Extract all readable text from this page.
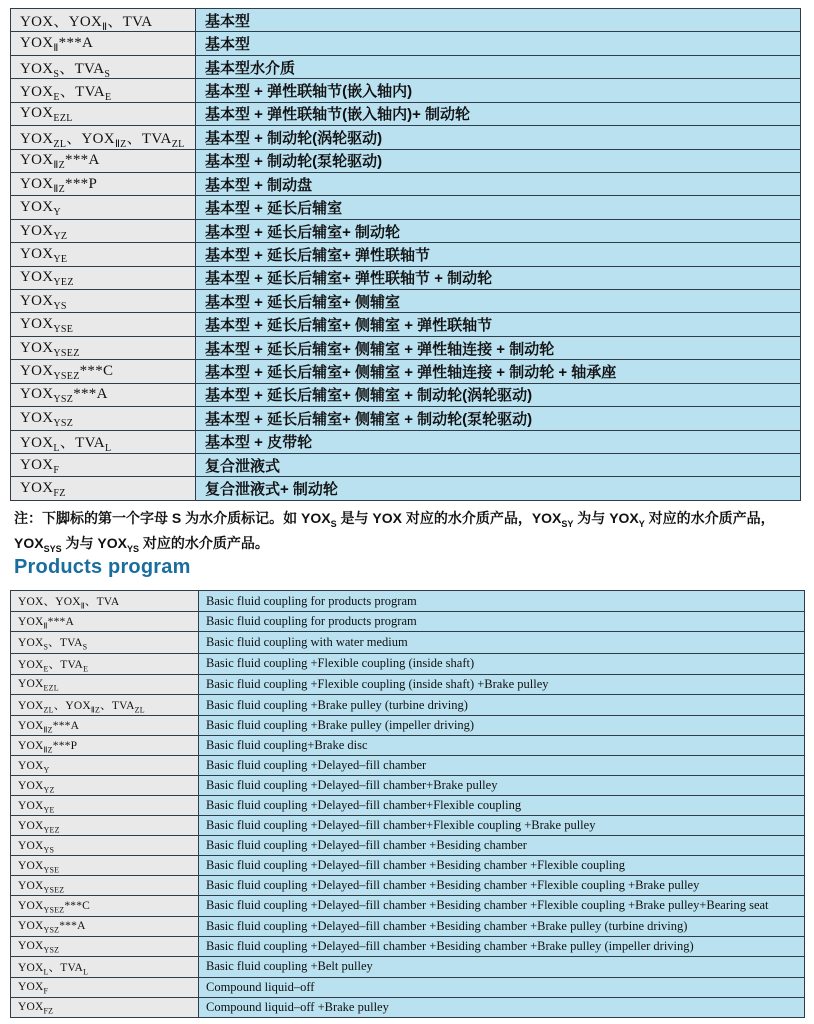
YOX、$YOX_Ⅱ$、TVA	基本型
$YOX_Ⅱ***A$	基本型
$YOX_S$、$TVA_S$	基本型水介质
$YOX_E$、$TVA_E$	基本型 + 弹性联轴节(嵌入轴内)
$YOX_{EZL}$	基本型 + 弹性联轴节(嵌入轴内)+ 制动轮
$YOX_{ZL}$、$YOX_{ⅡZ}$、$TVA_{ZL}$	基本型 + 制动轮(涡轮驱动)
$YOX_{ⅡZ}***A$	基本型 + 制动轮(泵轮驱动)
$YOX_{ⅡZ}***P$	基本型 + 制动盘
$YOX_Y$	基本型 + 延长后辅室
$YOX_{YZ}$	基本型 + 延长后辅室+ 制动轮
$YOX_{YE}$	基本型 + 延长后辅室+ 弹性联轴节
$YOX_{YEZ}$	基本型 + 延长后辅室+ 弹性联轴节 + 制动轮
$YOX_{YS}$	基本型 + 延长后辅室+ 侧辅室
$YOX_{YSE}$	基本型 + 延长后辅室+ 侧辅室 + 弹性联轴节
$YOX_{YSEZ}$	基本型 + 延长后辅室+ 侧辅室 + 弹性轴连接 + 制动轮
$YOX_{YSEZ}***C$	基本型 + 延长后辅室+ 侧辅室 + 弹性轴连接 + 制动轮 + 轴承座
$YOX_{YSZ}***A$	基本型 + 延长后辅室+ 侧辅室 + 制动轮(涡轮驱动)
$YOX_{YSZ}$	基本型 + 延长后辅室+ 侧辅室 + 制动轮(泵轮驱动)
$YOX_L$、$TVA_L$	基本型 + 皮带轮
$YOX_F$	复合泄液式
$YOX_{FZ}$	复合泄液式+ 制动轮
注：下脚标的第一个字母 S 为水介质标记。如 $YOX_S$ 是与 YOX 对应的水介质产品，$YOX_{SY}$ 为与 $YOX_Y$ 对应的水介质产品，$YOX_{SYS}$ 为与 $YOX_{YS}$ 对应的水介质产品。
Products program
YOX、$YOX_Ⅱ$、TVA	Basic fluid coupling for products program
$YOX_Ⅱ***A$	Basic fluid coupling for products program
$YOX_S$、$TVA_S$	Basic fluid coupling with water medium
$YOX_E$、$TVA_E$	Basic fluid coupling +Flexible coupling (inside shaft)
$YOX_{EZL}$	Basic fluid coupling +Flexible coupling (inside shaft) +Brake pulley
$YOX_{ZL}$、$YOX_{ⅡZ}$、$TVA_{ZL}$	Basic fluid coupling +Brake pulley (turbine driving)
$YOX_{ⅡZ}***A$	Basic fluid coupling +Brake pulley (impeller driving)
$YOX_{ⅡZ}***P$	Basic fluid coupling+Brake disc
$YOX_Y$	Basic fluid coupling +Delayed–fill chamber
$YOX_{YZ}$	Basic fluid coupling +Delayed–fill chamber+Brake pulley
$YOX_{YE}$	Basic fluid coupling +Delayed–fill chamber+Flexible coupling
$YOX_{YEZ}$	Basic fluid coupling +Delayed–fill chamber+Flexible coupling +Brake pulley
$YOX_{YS}$	Basic fluid coupling +Delayed–fill chamber +Besiding chamber
$YOX_{YSE}$	Basic fluid coupling +Delayed–fill chamber +Besiding chamber +Flexible coupling
$YOX_{YSEZ}$	Basic fluid coupling +Delayed–fill chamber +Besiding chamber +Flexible coupling +Brake pulley
$YOX_{YSEZ}***C$	Basic fluid coupling +Delayed–fill chamber +Besiding chamber +Flexible coupling +Brake pulley+Bearing seat
$YOX_{YSZ}***A$	Basic fluid coupling +Delayed–fill chamber +Besiding chamber +Brake pulley (turbine driving)
$YOX_{YSZ}$	Basic fluid coupling +Delayed–fill chamber +Besiding chamber +Brake pulley (impeller driving)
$YOX_L$、$TVA_L$	Basic fluid coupling +Belt pulley
$YOX_F$	Compound liquid–off
$YOX_{FZ}$	Compound liquid–off +Brake pulley
